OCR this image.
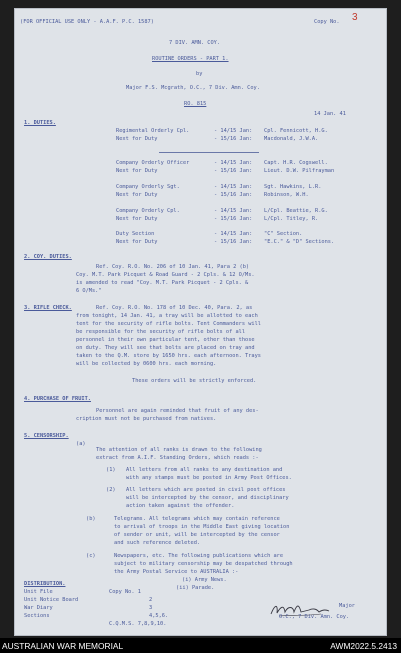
(FOR OFFICIAL USE ONLY - A.A.F. P.C. 1587)	Copy No. 3
7 DIV. AMN. COY.
ROUTINE ORDERS - PART 1.
by
Major F.S. Mcgrath, O.C., 7 Div. Amn. Coy.
RO. 815
14 Jan. 41
1. DUTIES.
Regimental Orderly Cpl.	- 14/15 Jan: Cpl. Fennicott, H.G.
Next for Duty	- 15/16 Jan: Macdonald, J.W.A.
Company Orderly Officer	- 14/15 Jan: Capt. H.R. Cogswell.
Next for Duty	- 15/16 Jan: Lieut. D.W. Pilfrayman
Company Orderly Sgt.	- 14/15 Jan: Sgt. Hawkins, L.R.
Next for Duty	- 15/16 Jan: Robinson, W.H.
Company Orderly Cpl.	- 14/15 Jan: L/Cpl. Beattie, R.G.
Next for Duty	- 15/16 Jan: L/Cpl. Titley, R.
Duty Section	- 14/15 Jan: "C" Section.
Next for Duty	- 15/16 Jan: "E.C." & "D" Sections.
2. COY. DUTIES.
Ref. Coy. R.O. No. 206 of 10 Jan. 41, Para 2 (b)
Coy. M.T. Park Picquet & Road Guard - 2 Cpls. & 12 O/Ms.
is amended to read "Coy. M.T. Park Picquet - 2 Cpls. &
6 O/Ms."
3. RIFLE CHECK.	Ref. Coy. R.O. No. 178 of 10 Dec. 40, Para. 2, as
from tonight, 14 Jan. 41, a tray will be allotted to each
tent for the security of rifle bolts. Tent Commanders will
be responsible for the security of rifle bolts of all
personnel in their own particular tent, other than those
on duty. They will see that bolts are placed on tray and
taken to the Q.M. store by 1650 hrs. each afternoon. Trays
will be collected by 0600 hrs. each morning.
These orders will be strictly enforced.
4. PURCHASE OF FRUIT.
Personnel are again reminded that fruit of any des-
cription must not be purchased from natives.
5. CENSORSHIP.
(a)
The attention of all ranks is drawn to the following
extract from A.I.F. Standing Orders, which reads :-
(1) All letters from all ranks to any destination and
with any stamps must be posted in Army Post Offices.
(2) All letters which are posted in civil post offices
will be intercepted by the censor, and disciplinary
action taken against the offender.
(b)	Telegrams. All telegrams which may contain reference
to arrival of troops in the Middle East giving location
of sender or unit, will be intercepted by the censor
and such reference deleted.
(c)	Newspapers, etc. The following publications which are
subject to military censorship may be despatched through
the Army Postal Service to AUSTRALIA :-
(i) Army News.
(ii) Parade.
DISTRIBUTION.
Unit File	Copy No. 1
Unit Notice Board	2
War Diary	3
Sections	4,5,6.
C.Q.M.S. 7,8,9,10.
Major
O.C., 7 Div. Amn. Coy.
AUSTRALIAN WAR MEMORIAL	AWM2022.5.2413
